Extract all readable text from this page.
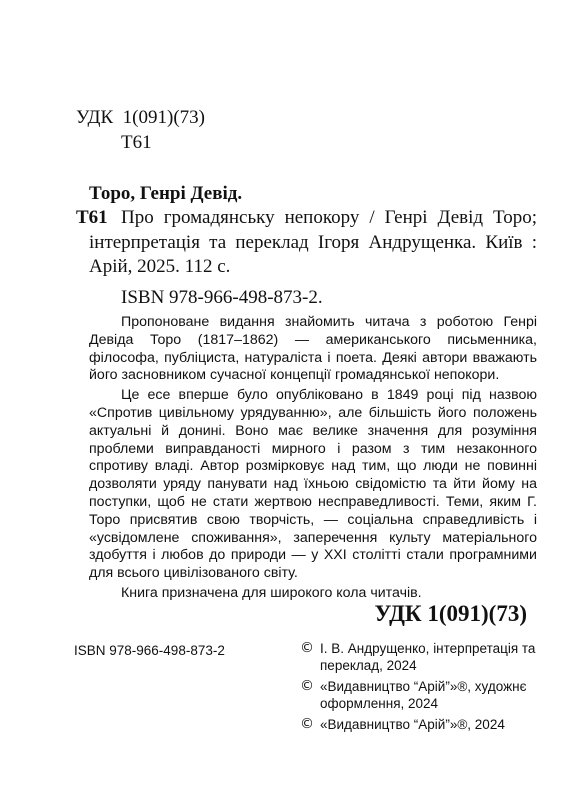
УДК  1(091)(73)
Т61
Торо, Генрі Девід.
Т61 Про громадянську непокору / Генрі Девід Торо; інтерпретація та переклад Ігоря Андрущенка. Київ : Арій, 2025. 112 с.
ISBN 978-966-498-873-2.

Пропоноване видання знайомить читача з роботою Генрі Девіда Торо (1817–1862) — американського письменника, філософа, публіциста, натураліста і поета. Деякі автори вважають його засновником сучасної концепції громадянської непокори.

Це есе вперше було опубліковано в 1849 році під назвою «Спротив цивільному урядуванню», але більшість його положень актуальні й донині. Воно має велике значення для розуміння проблеми виправданості мирного і разом з тим незаконного спротиву владі. Автор розмірковує над тим, що люди не повинні дозволяти уряду панувати над їхньою свідомістю та йти йому на поступки, щоб не стати жертвою несправедливості. Теми, яким Г. Торо присвятив свою творчість, — соціальна справедливість і «усвідомлене споживання», заперечення культу матеріального здобуття і любов до природи — у ХХІ столітті стали програмними для всього цивілізованого світу.

Книга призначена для широкого кола читачів.

УДК 1(091)(73)
ISBN 978-966-498-873-2	© І. В. Андрущенко, інтерпретація та переклад, 2024
© «Видавництво “Арій”»®, художнє оформлення, 2024
© «Видавництво “Арій”»®, 2024
